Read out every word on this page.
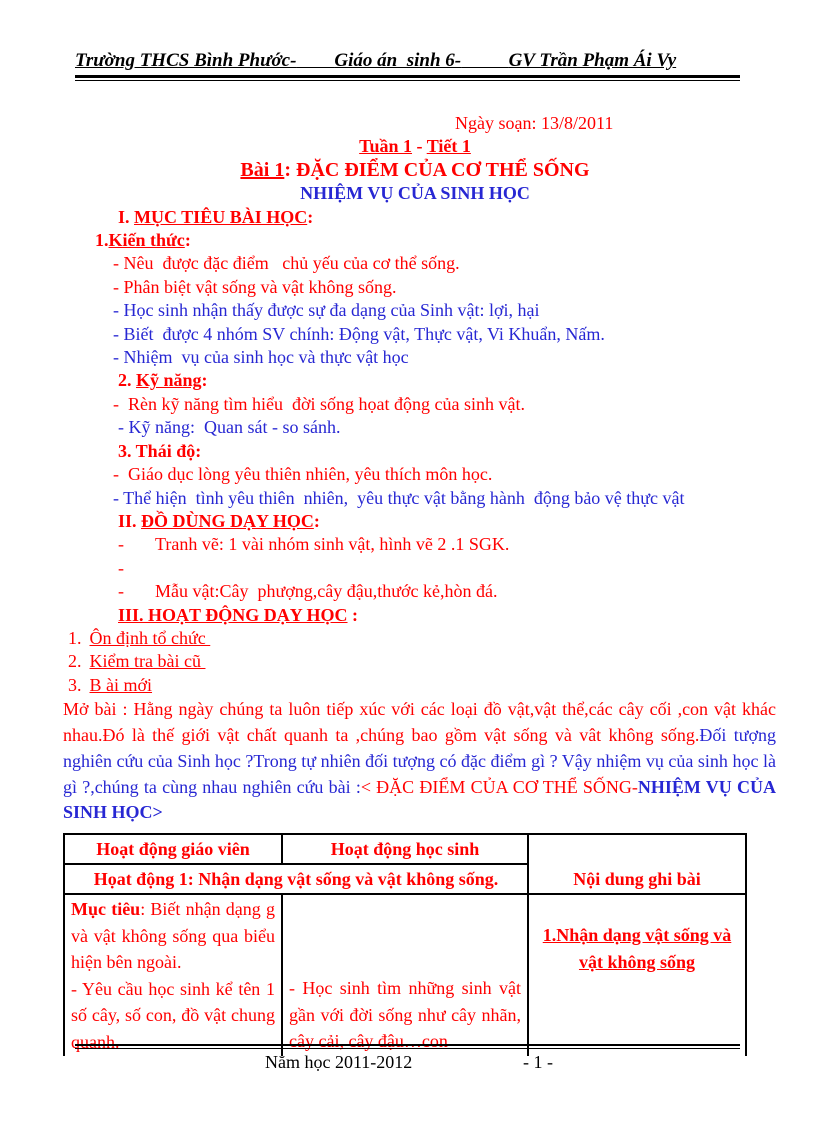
Trường THCS Bình Phước- Giáo án  sinh 6-	GV Trần Phạm Ái Vy
Ngày soạn: 13/8/2011
Tuần 1 - Tiết 1
Bài 1: ĐẶC ĐIỂM CỦA CƠ THỂ SỐNG
NHIỆM VỤ CỦA SINH HỌC
I. MỤC TIÊU BÀI HỌC:
1.Kiến thức:
- Nêu  được đặc điểm   chủ yếu của cơ thể sống.
- Phân biệt vật sống và vật không sống.
- Học sinh nhận thấy được sự đa dạng của Sinh vật: lợi, hại
- Biết  được 4 nhóm SV chính: Động vật, Thực vật, Vi Khuẩn, Nấm.
- Nhiệm  vụ của sinh học và thực vật học
2. Kỹ năng:
-  Rèn kỹ năng tìm hiểu  đời sống họat động của sinh vật.
- Kỹ năng:  Quan sát - so sánh.
3. Thái độ:
-  Giáo dục lòng yêu thiên nhiên, yêu thích môn học.
- Thể hiện  tình yêu thiên  nhiên,  yêu thực vật bằng hành  động bảo vệ thực vật
II. ĐỒ DÙNG DẠY HỌC:
- Tranh vẽ: 1 vài nhóm sinh vật, hình vẽ 2 .1 SGK.
-
- Mẫu vật:Cây  phượng,cây đậu,thước kẻ,hòn đá.
III. HOẠT ĐỘNG DẠY HỌC :
1. Ôn định tổ chức
2. Kiểm tra bài cũ
3. B ài mới

Mở bài : Hằng ngày chúng ta luôn tiếp xúc với các loại đồ vật,vật thể,các cây cối ,con vật khác nhau.Đó là thế giới vật chất quanh ta ,chúng bao gồm vật sống và vât không sống.Đối tượng nghiên cứu của Sinh học ?Trong tự nhiên đối tượng có đặc điểm gì ? Vậy nhiệm vụ của sinh học là gì ?,chúng ta cùng nhau nghiên cứu bài :< ĐẶC ĐIỂM CỦA CƠ THỂ SỐNG-NHIỆM VỤ CỦA SINH HỌC>

Hoạt động giáo viên	Hoạt động học sinh	Nội dung ghi bài
Họat động 1: Nhận dạng vật sống và vật không sống.		
Mục tiêu: Biết nhận dạng g và vật không sống qua biểu hiện bên ngoài.
- Yêu cầu học sinh kể tên 1 số cây, số con, đồ vật chung quanh.	- Học sinh tìm những sinh vật gần với đời sống như cây nhãn, cây cải, cây đậu…con	1.Nhận dạng vật sống và vật không sống
Năm học 2011-2012	- 1 -
